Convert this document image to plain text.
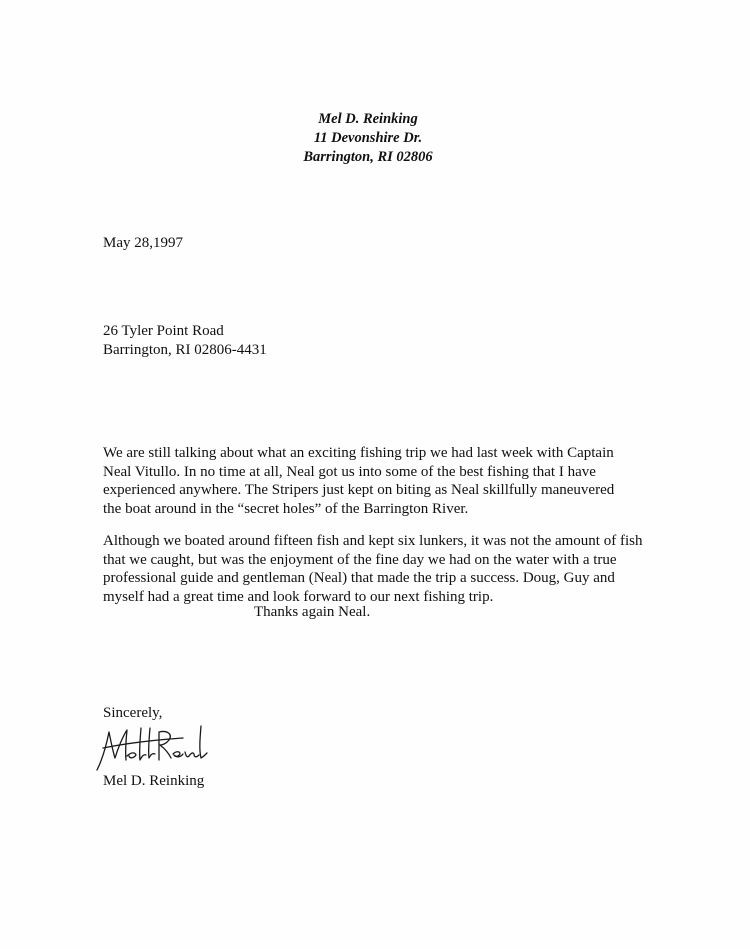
Mel D. Reinking
11 Devonshire Dr.
Barrington, RI 02806
May 28,1997
26 Tyler Point Road
Barrington, RI 02806-4431
We are still talking about what an exciting fishing trip we had last week with Captain
Neal Vitullo. In no time at all, Neal got us into some of the best fishing that I have
experienced anywhere. The Stripers just kept on biting as Neal skillfully maneuvered
the boat around in the “secret holes” of the Barrington River.
Although we boated around fifteen fish and kept six lunkers, it was not the amount of fish
that we caught, but was the enjoyment of the fine day we had on the water with a true
professional guide and gentleman (Neal) that made the trip a success. Doug, Guy and
myself had a great time and look forward to our next fishing trip.
Thanks again Neal.
Sincerely,
Mel D. Reinking
